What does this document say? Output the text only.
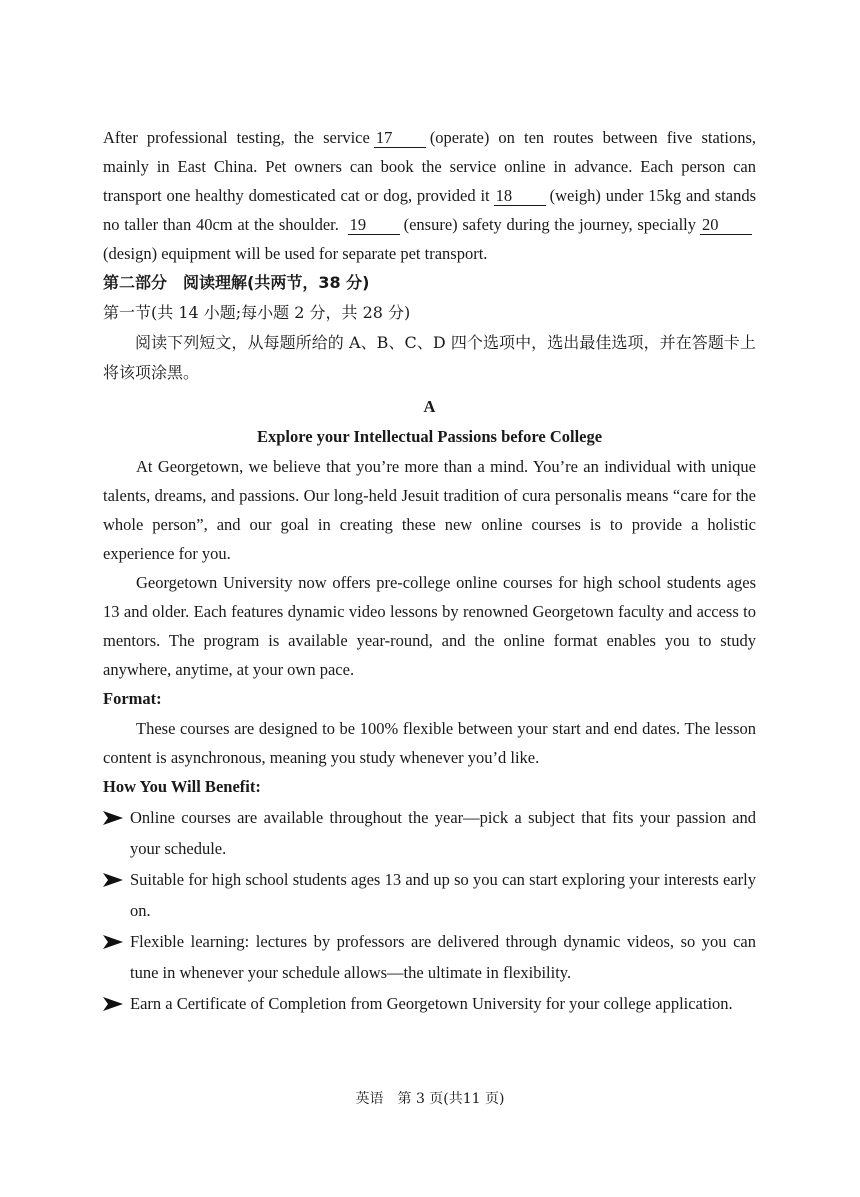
After professional testing, the service 17 (operate) on ten routes between five stations, mainly in East China. Pet owners can book the service online in advance. Each person can transport one healthy domesticated cat or dog, provided it 18 (weigh) under 15kg and stands no taller than 40cm at the shoulder. 19 (ensure) safety during the journey, specially 20(design) equipment will be used for separate pet transport.

第二部分　阅读理解(共两节，38 分)

第一节(共 14 小题;每小题 2 分，共 28 分)

阅读下列短文，从每题所给的 A、B、C、D 四个选项中，选出最佳选项，并在答题卡上将该项涂黑。

A

Explore your Intellectual Passions before College

At Georgetown, we believe that you’re more than a mind. You’re an individual with unique talents, dreams, and passions. Our long-held Jesuit tradition of cura personalis means “care for the whole person”, and our goal in creating these new online courses is to provide a holistic experience for you.

Georgetown University now offers pre-college online courses for high school students ages 13 and older. Each features dynamic video lessons by renowned Georgetown faculty and access to mentors. The program is available year-round, and the online format enables you to study anywhere, anytime, at your own pace.

Format:

These courses are designed to be 100% flexible between your start and end dates. The lesson content is asynchronous, meaning you study whenever you’d like.

How You Will Benefit:

Online courses are available throughout the year—pick a subject that fits your passion and your schedule.
Suitable for high school students ages 13 and up so you can start exploring your interests early on.
Flexible learning: lectures by professors are delivered through dynamic videos, so you can tune in whenever your schedule allows—the ultimate in flexibility.
Earn a Certificate of Completion from Georgetown University for your college application.
英语　第 3 页(共11 页)
